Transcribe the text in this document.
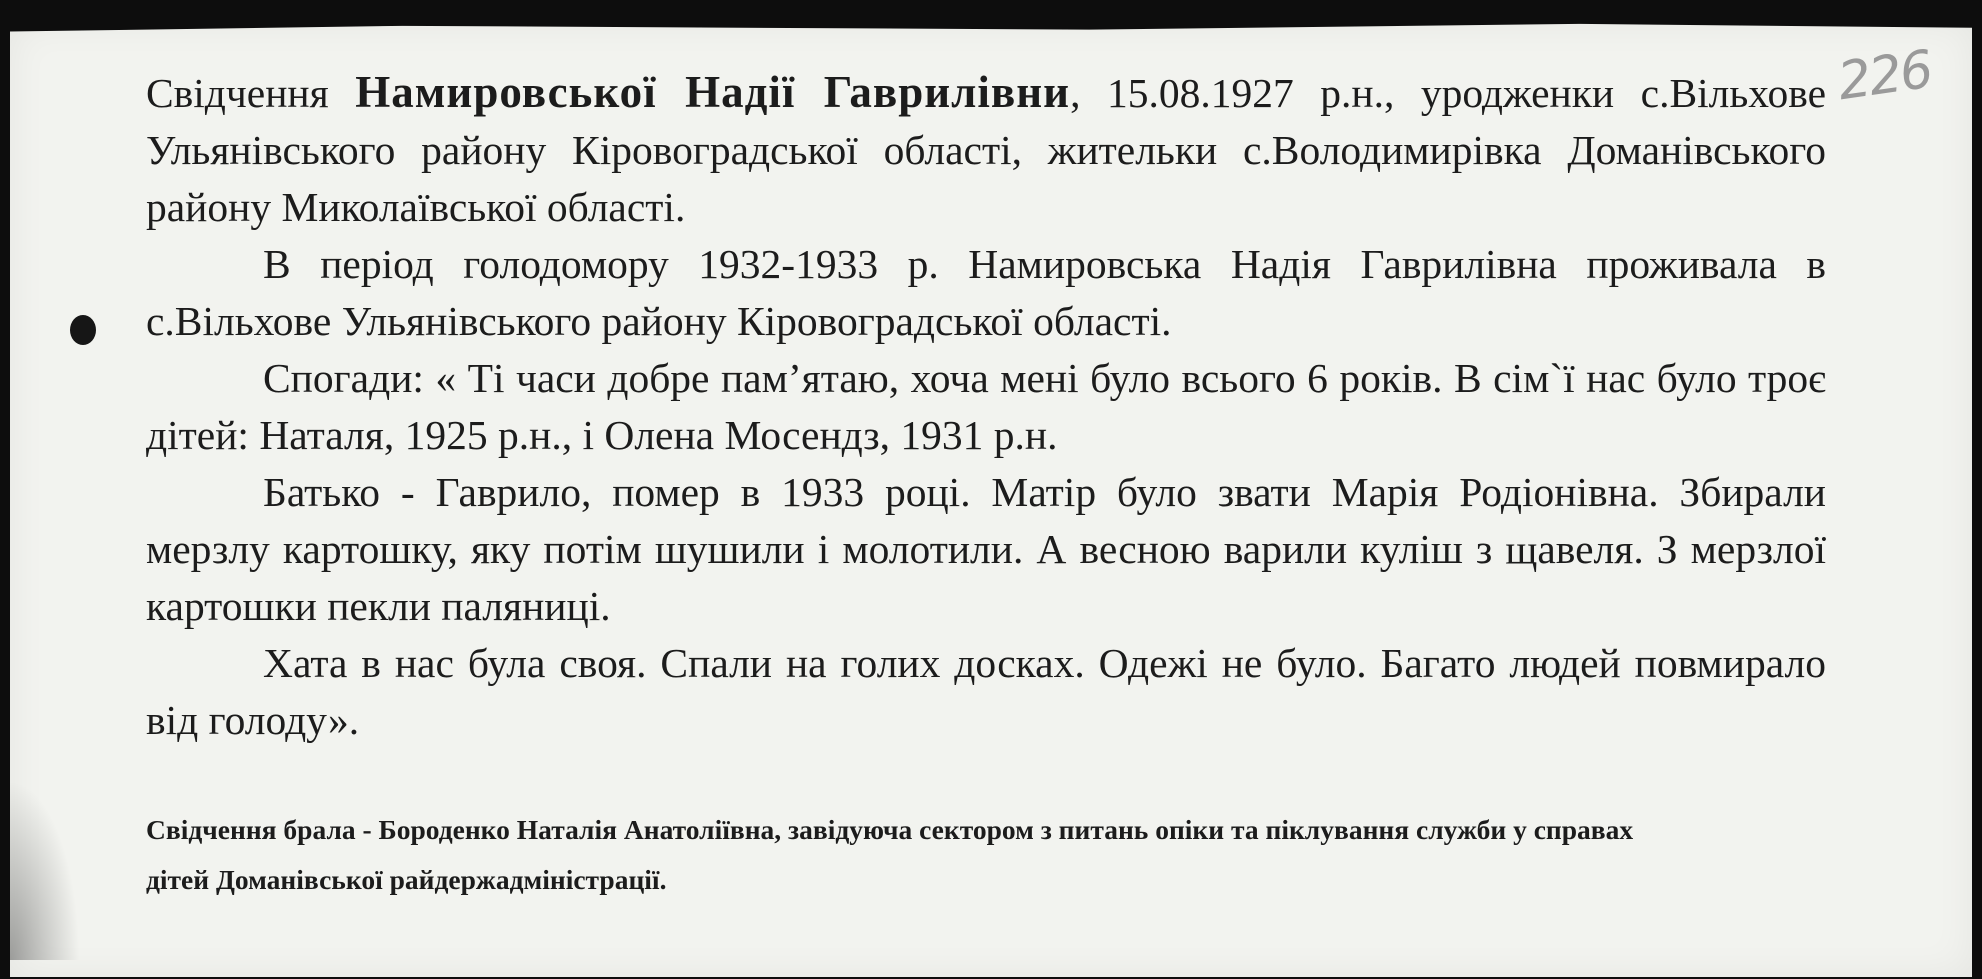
226

Свідчення Намировської Надії Гаврилівни, 15.08.1927 р.н., уродженки с.Вільхове Ульянівського району Кіровоградської області, жительки с.Володимирівка Доманівського району Миколаївської області.

В період голодомору 1932-1933 р. Намировська Надія Гаврилівна проживала в с.Вільхове Ульянівського району Кіровоградської області.

Спогади: « Ті часи добре пам’ятаю, хоча мені було всього 6 років. В сім`ї нас було троє дітей: Наталя, 1925 р.н., і Олена Мосендз, 1931 р.н.

Батько - Гаврило, помер в 1933 році. Матір було звати Марія Родіонівна. Збирали мерзлу картошку, яку потім шушили і молотили. А весною варили куліш з щавеля. З мерзлої картошки пекли паляниці.

Хата в нас була своя. Спали на голих досках. Одежі не було. Багато людей повмирало від голоду».

Свідчення брала - Бороденко Наталія Анатоліївна, завідуюча сектором з питань опіки та піклування служби у справах

дітей Доманівської райдержадміністрації.
